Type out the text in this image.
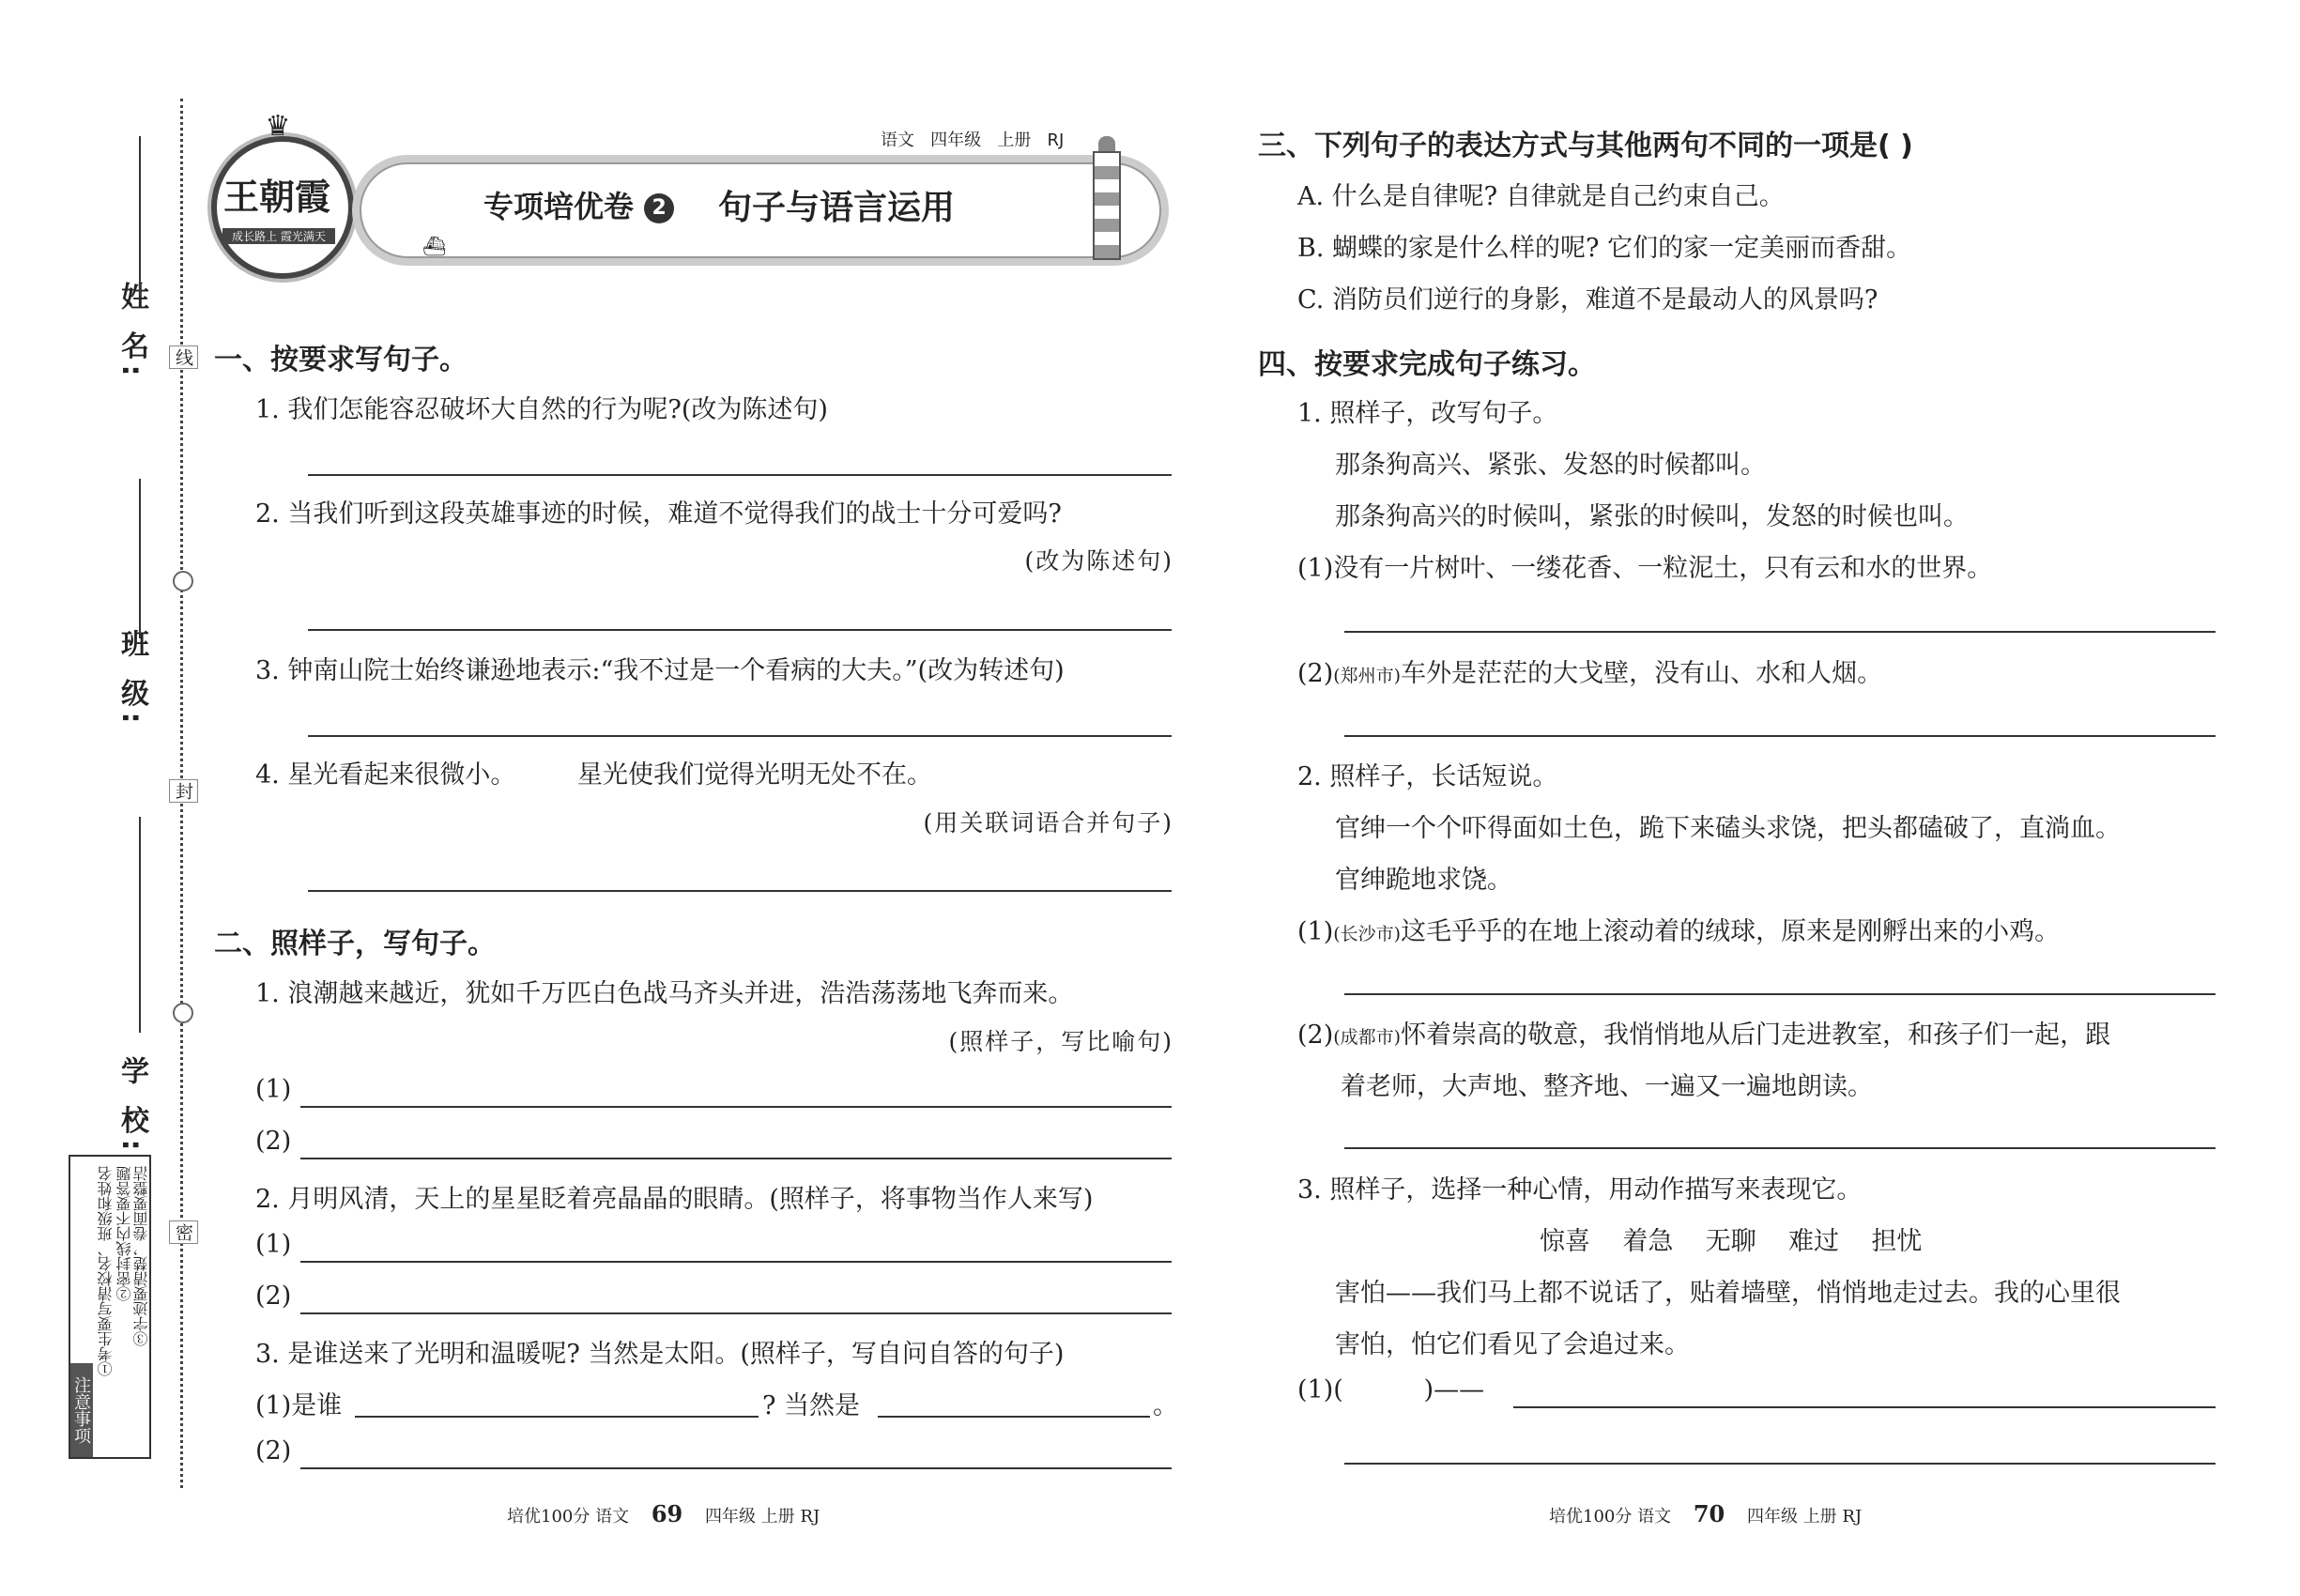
姓 名: 线
班 级:
封
学 校:
密
注意事项
①考生要写清校名、班级和姓名 ②密封线内不要答题 ③字迹要清楚，卷面要整洁
♛
王朝霞
成长路上 霞光满天
语文 四年级 上册 RJ
专项培优卷 2 句子与语言运用
⛴
一、按要求写句子。
1. 我们怎能容忍破坏大自然的行为呢?(改为陈述句)
2. 当我们听到这段英雄事迹的时候，难道不觉得我们的战士十分可爱吗?
(改为陈述句)
3. 钟南山院士始终谦逊地表示:“我不过是一个看病的大夫。”(改为转述句)
4. 星光看起来很微小。 星光使我们觉得光明无处不在。
(用关联词语合并句子)
二、照样子，写句子。
1. 浪潮越来越近，犹如千万匹白色战马齐头并进，浩浩荡荡地飞奔而来。
(照样子，写比喻句)
(1)
(2)
2. 月明风清，天上的星星眨着亮晶晶的眼睛。(照样子，将事物当作人来写)
(1)
(2)
3. 是谁送来了光明和温暖呢? 当然是太阳。(照样子，写自问自答的句子)
(1)是谁	? 当然是	。
(2)
培优100分 语文 69 四年级 上册 RJ
三、下列句子的表达方式与其他两句不同的一项是( )
A. 什么是自律呢? 自律就是自己约束自己。
B. 蝴蝶的家是什么样的呢? 它们的家一定美丽而香甜。
C. 消防员们逆行的身影，难道不是最动人的风景吗?
四、按要求完成句子练习。
1. 照样子，改写句子。
那条狗高兴、紧张、发怒的时候都叫。
那条狗高兴的时候叫，紧张的时候叫，发怒的时候也叫。
(1)没有一片树叶、一缕花香、一粒泥土，只有云和水的世界。
(2)(郑州市)车外是茫茫的大戈壁，没有山、水和人烟。
2. 照样子，长话短说。
官绅一个个吓得面如土色，跪下来磕头求饶，把头都磕破了，直淌血。
官绅跪地求饶。
(1)(长沙市)这毛乎乎的在地上滚动着的绒球，原来是刚孵出来的小鸡。
(2)(成都市)怀着崇高的敬意，我悄悄地从后门走进教室，和孩子们一起，跟
着老师，大声地、整齐地、一遍又一遍地朗读。
3. 照样子，选择一种心情，用动作描写来表现它。
惊喜    着急    无聊    难过    担忧
害怕——我们马上都不说话了，贴着墙壁，悄悄地走过去。我的心里很
害怕，怕它们看见了会追过来。
(1)(          )——
培优100分 语文 70 四年级 上册 RJ
